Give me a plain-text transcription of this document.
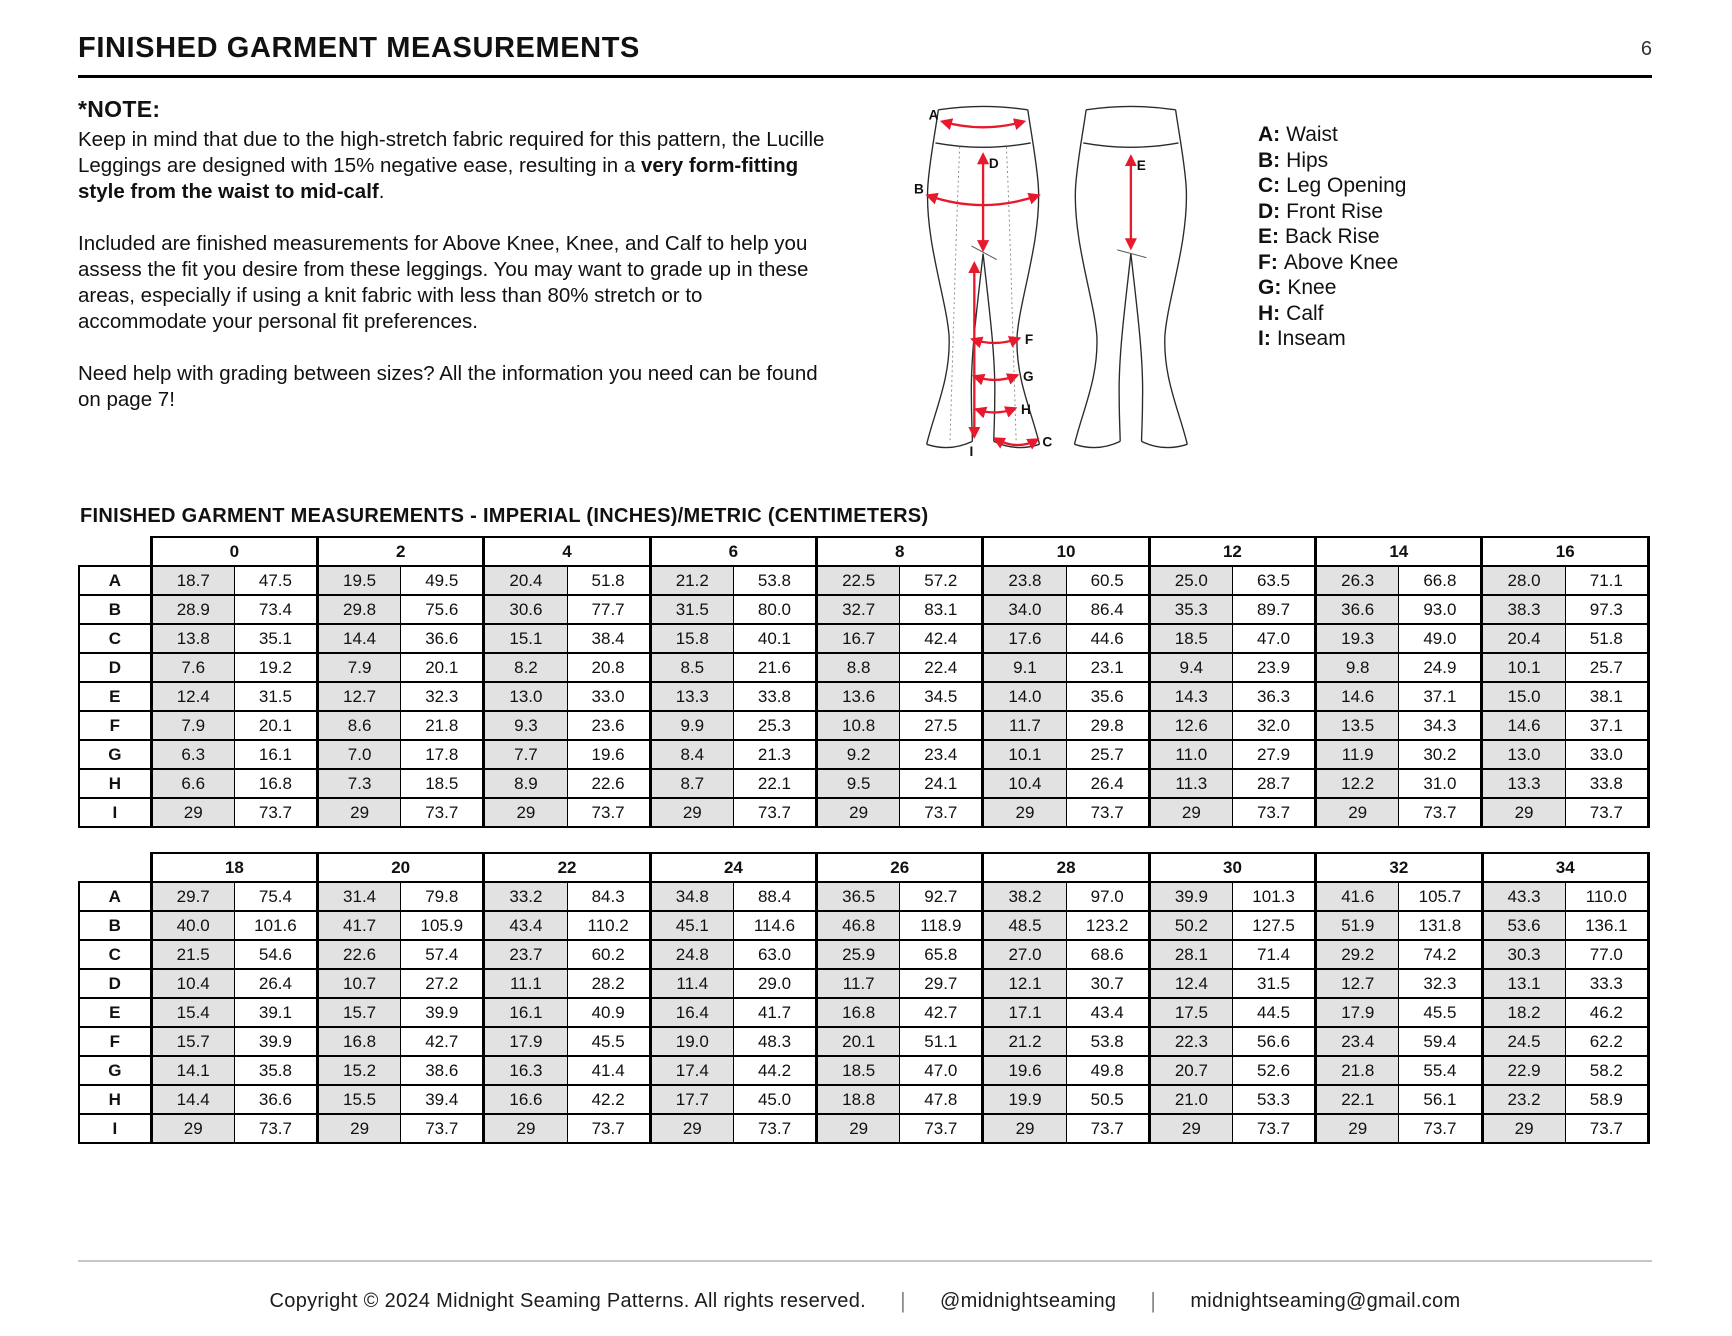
FINISHED GARMENT MEASUREMENTS	6
*NOTE:

Keep in mind that due to the high-stretch fabric required for this pattern, the Lucille Leggings are designed with 15% negative ease, resulting in a very form-fitting style from the waist to mid-calf.

Included are finished measurements for Above Knee, Knee, and Calf to help you assess the fit you desire from these leggings. You may want to grade up in these areas, especially if using a knit fabric with less than 80% stretch or to accommodate your personal fit preferences.

Need help with grading between sizes? All the information you need can be found on page 7!

A
B
D
I
F
G
H
C
E
A: Waist
B: Hips
C: Leg Opening
D: Front Rise
E: Back Rise
F: Above Knee
G: Knee
H: Calf
I: Inseam
FINISHED GARMENT MEASUREMENTS - IMPERIAL (INCHES)/METRIC (CENTIMETERS)
	0		2		4		6		8		10		12		14		16	
A	18.7	47.5	19.5	49.5	20.4	51.8	21.2	53.8	22.5	57.2	23.8	60.5	25.0	63.5	26.3	66.8	28.0	71.1
B	28.9	73.4	29.8	75.6	30.6	77.7	31.5	80.0	32.7	83.1	34.0	86.4	35.3	89.7	36.6	93.0	38.3	97.3
C	13.8	35.1	14.4	36.6	15.1	38.4	15.8	40.1	16.7	42.4	17.6	44.6	18.5	47.0	19.3	49.0	20.4	51.8
D	7.6	19.2	7.9	20.1	8.2	20.8	8.5	21.6	8.8	22.4	9.1	23.1	9.4	23.9	9.8	24.9	10.1	25.7
E	12.4	31.5	12.7	32.3	13.0	33.0	13.3	33.8	13.6	34.5	14.0	35.6	14.3	36.3	14.6	37.1	15.0	38.1
F	7.9	20.1	8.6	21.8	9.3	23.6	9.9	25.3	10.8	27.5	11.7	29.8	12.6	32.0	13.5	34.3	14.6	37.1
G	6.3	16.1	7.0	17.8	7.7	19.6	8.4	21.3	9.2	23.4	10.1	25.7	11.0	27.9	11.9	30.2	13.0	33.0
H	6.6	16.8	7.3	18.5	8.9	22.6	8.7	22.1	9.5	24.1	10.4	26.4	11.3	28.7	12.2	31.0	13.3	33.8
I	29	73.7	29	73.7	29	73.7	29	73.7	29	73.7	29	73.7	29	73.7	29	73.7	29	73.7
	18		20		22		24		26		28		30		32		34	
A	29.7	75.4	31.4	79.8	33.2	84.3	34.8	88.4	36.5	92.7	38.2	97.0	39.9	101.3	41.6	105.7	43.3	110.0
B	40.0	101.6	41.7	105.9	43.4	110.2	45.1	114.6	46.8	118.9	48.5	123.2	50.2	127.5	51.9	131.8	53.6	136.1
C	21.5	54.6	22.6	57.4	23.7	60.2	24.8	63.0	25.9	65.8	27.0	68.6	28.1	71.4	29.2	74.2	30.3	77.0
D	10.4	26.4	10.7	27.2	11.1	28.2	11.4	29.0	11.7	29.7	12.1	30.7	12.4	31.5	12.7	32.3	13.1	33.3
E	15.4	39.1	15.7	39.9	16.1	40.9	16.4	41.7	16.8	42.7	17.1	43.4	17.5	44.5	17.9	45.5	18.2	46.2
F	15.7	39.9	16.8	42.7	17.9	45.5	19.0	48.3	20.1	51.1	21.2	53.8	22.3	56.6	23.4	59.4	24.5	62.2
G	14.1	35.8	15.2	38.6	16.3	41.4	17.4	44.2	18.5	47.0	19.6	49.8	20.7	52.6	21.8	55.4	22.9	58.2
H	14.4	36.6	15.5	39.4	16.6	42.2	17.7	45.0	18.8	47.8	19.9	50.5	21.0	53.3	22.1	56.1	23.2	58.9
I	29	73.7	29	73.7	29	73.7	29	73.7	29	73.7	29	73.7	29	73.7	29	73.7	29	73.7
Copyright © 2024 Midnight Seaming Patterns. All rights reserved. | @midnightseaming | midnightseaming@gmail.com
